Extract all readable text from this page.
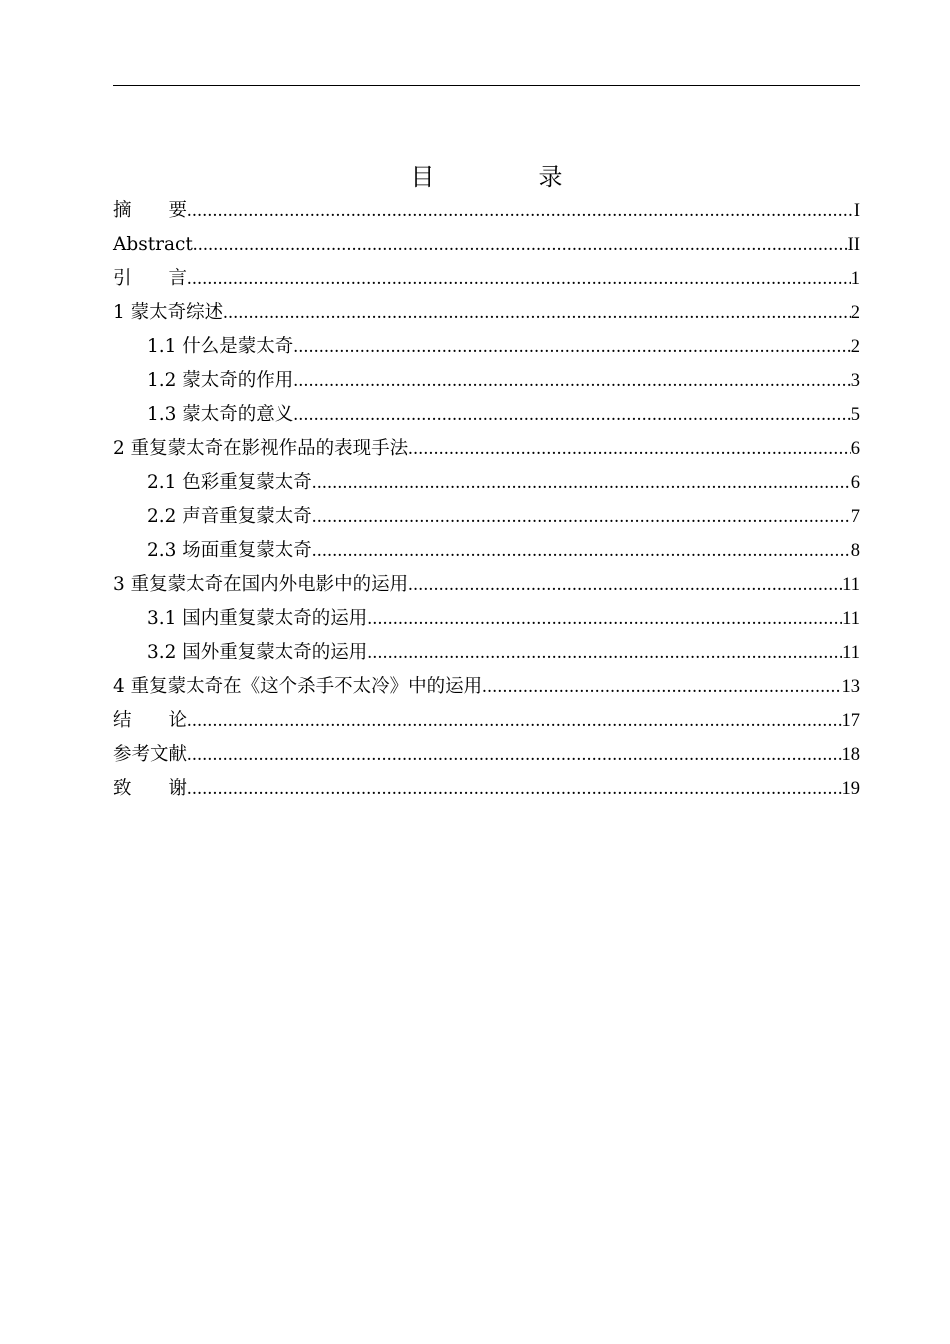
目　录
摘　　要 .....	I
Abstract .....	II
引　　言 .....	1
1 蒙太奇综述 .....	2
1.1 什么是蒙太奇 .....	2
1.2 蒙太奇的作用 .....	3
1.3 蒙太奇的意义 .....	5
2 重复蒙太奇在影视作品的表现手法 .....	6
2.1 色彩重复蒙太奇 .....	6
2.2 声音重复蒙太奇 .....	7
2.3 场面重复蒙太奇 .....	8
3 重复蒙太奇在国内外电影中的运用 .....	11
3.1 国内重复蒙太奇的运用 .....	11
3.2 国外重复蒙太奇的运用 .....	11
4 重复蒙太奇在《这个杀手不太冷》中的运用 .....	13
结　　论 .....	17
参考文献 .....	18
致　　谢 .....	19
